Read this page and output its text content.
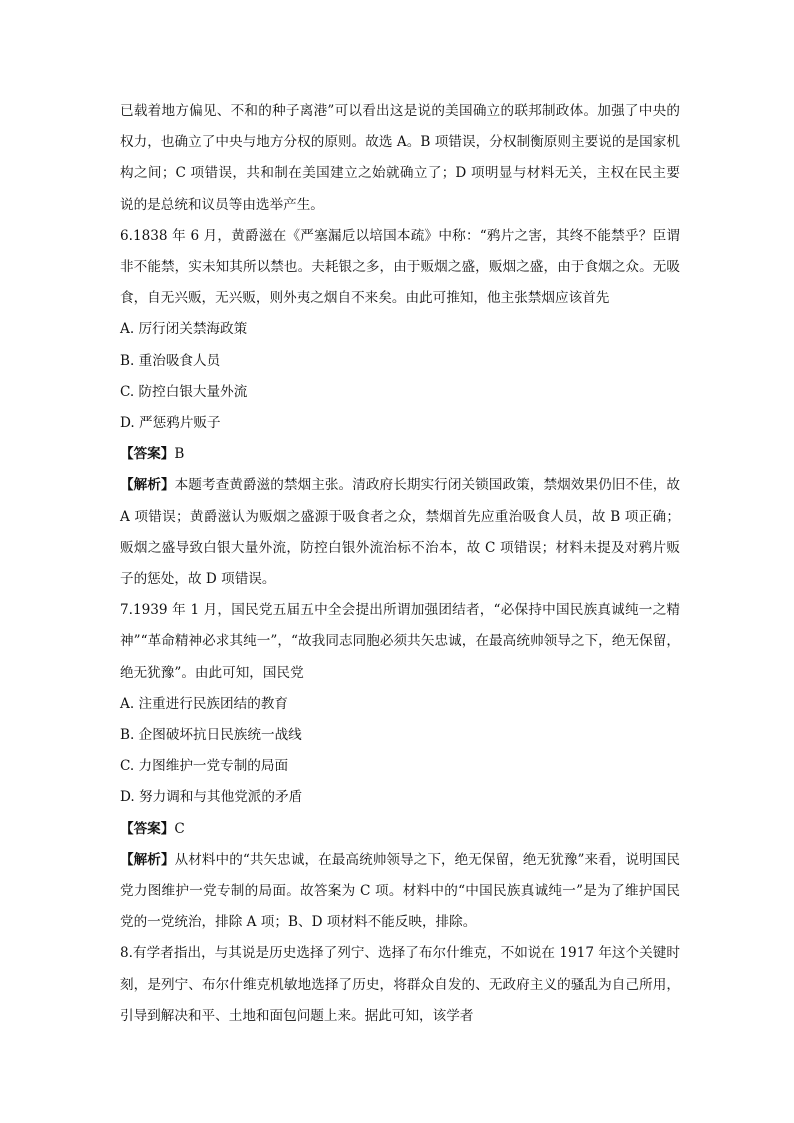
已载着地方偏见、不和的种子离港”可以看出这是说的美国确立的联邦制政体。加强了中央的权力，也确立了中央与地方分权的原则。故选 A。B 项错误，分权制衡原则主要说的是国家机构之间；C 项错误，共和制在美国建立之始就确立了；D 项明显与材料无关，主权在民主要说的是总统和议员等由选举产生。

6.1838 年 6 月，黄爵滋在《严塞漏卮以培国本疏》中称：“鸦片之害，其终不能禁乎？臣谓非不能禁，实未知其所以禁也。夫耗银之多，由于贩烟之盛，贩烟之盛，由于食烟之众。无吸食，自无兴贩，无兴贩，则外夷之烟自不来矣。由此可推知，他主张禁烟应该首先

A. 厉行闭关禁海政策

B. 重治吸食人员

C. 防控白银大量外流

D. 严惩鸦片贩子

【答案】B

【解析】本题考查黄爵滋的禁烟主张。清政府长期实行闭关锁国政策，禁烟效果仍旧不佳，故 A 项错误；黄爵滋认为贩烟之盛源于吸食者之众，禁烟首先应重治吸食人员，故 B 项正确；贩烟之盛导致白银大量外流，防控白银外流治标不治本，故 C 项错误；材料未提及对鸦片贩子的惩处，故 D 项错误。

7.1939 年 1 月，国民党五届五中全会提出所谓加强团结者，“必保持中国民族真诚纯一之精神”“革命精神必求其纯一”，“故我同志同胞必须共矢忠诚，在最高统帅领导之下，绝无保留，绝无犹豫”。由此可知，国民党

A. 注重进行民族团结的教育

B. 企图破坏抗日民族统一战线

C. 力图维护一党专制的局面

D. 努力调和与其他党派的矛盾

【答案】C

【解析】从材料中的“共矢忠诚，在最高统帅领导之下，绝无保留，绝无犹豫”来看，说明国民党力图维护一党专制的局面。故答案为 C 项。材料中的“中国民族真诚纯一”是为了维护国民党的一党统治，排除 A 项；B、D 项材料不能反映，排除。

8.有学者指出，与其说是历史选择了列宁、选择了布尔什维克，不如说在 1917 年这个关键时刻，是列宁、布尔什维克机敏地选择了历史，将群众自发的、无政府主义的骚乱为自己所用，引导到解决和平、土地和面包问题上来。据此可知，该学者
